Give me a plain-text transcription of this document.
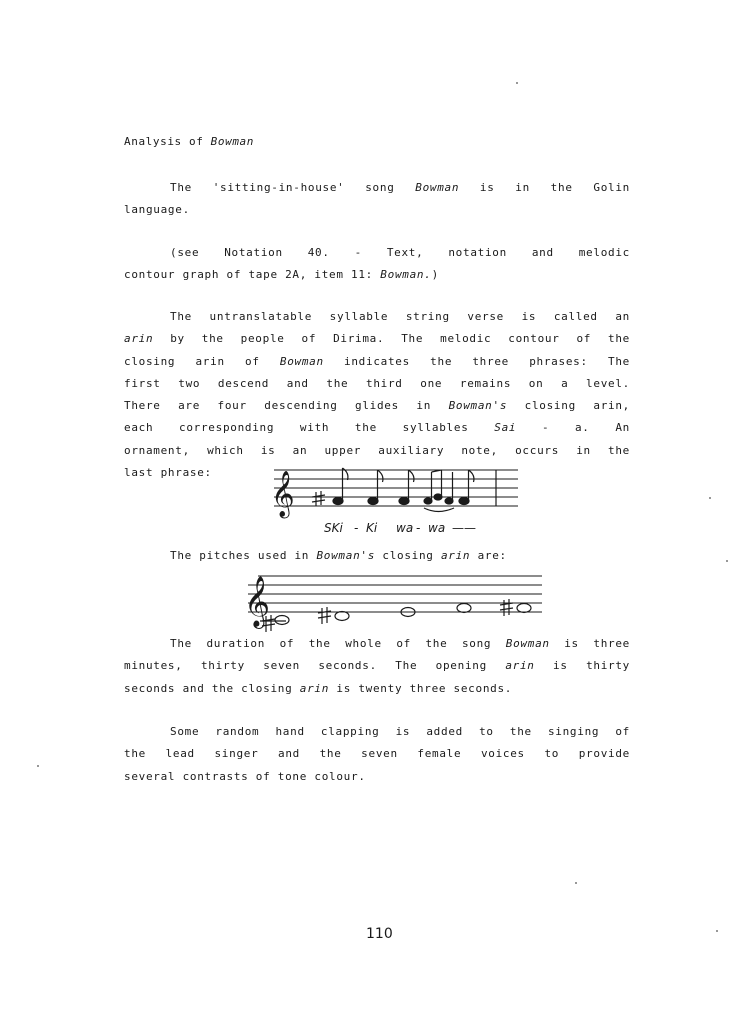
Analysis of Bowman
The 'sitting-in-house' song Bowman is in the Golin
language.
(see Notation 40. - Text, notation and melodic
contour graph of tape 2A, item 11: Bowman.)
The untranslatable syllable string verse is called an
arin by the people of Dirima. The melodic contour of the
closing arin of Bowman indicates the three phrases: The
first two descend and the third one remains on a level.
There are four descending glides in Bowman's closing arin,
each corresponding with the syllables Sai - a. An
ornament, which is an upper auxiliary note, occurs in the
last phrase:	𝄞
SKi - Ki wa - wa ——
The pitches used in Bowman's closing arin are:
𝄞
The duration of the whole of the song Bowman is three
minutes, thirty seven seconds. The opening arin is thirty
seconds and the closing arin is twenty three seconds.
Some random hand clapping is added to the singing of
the lead singer and the seven female voices to provide
several contrasts of tone colour.
110
